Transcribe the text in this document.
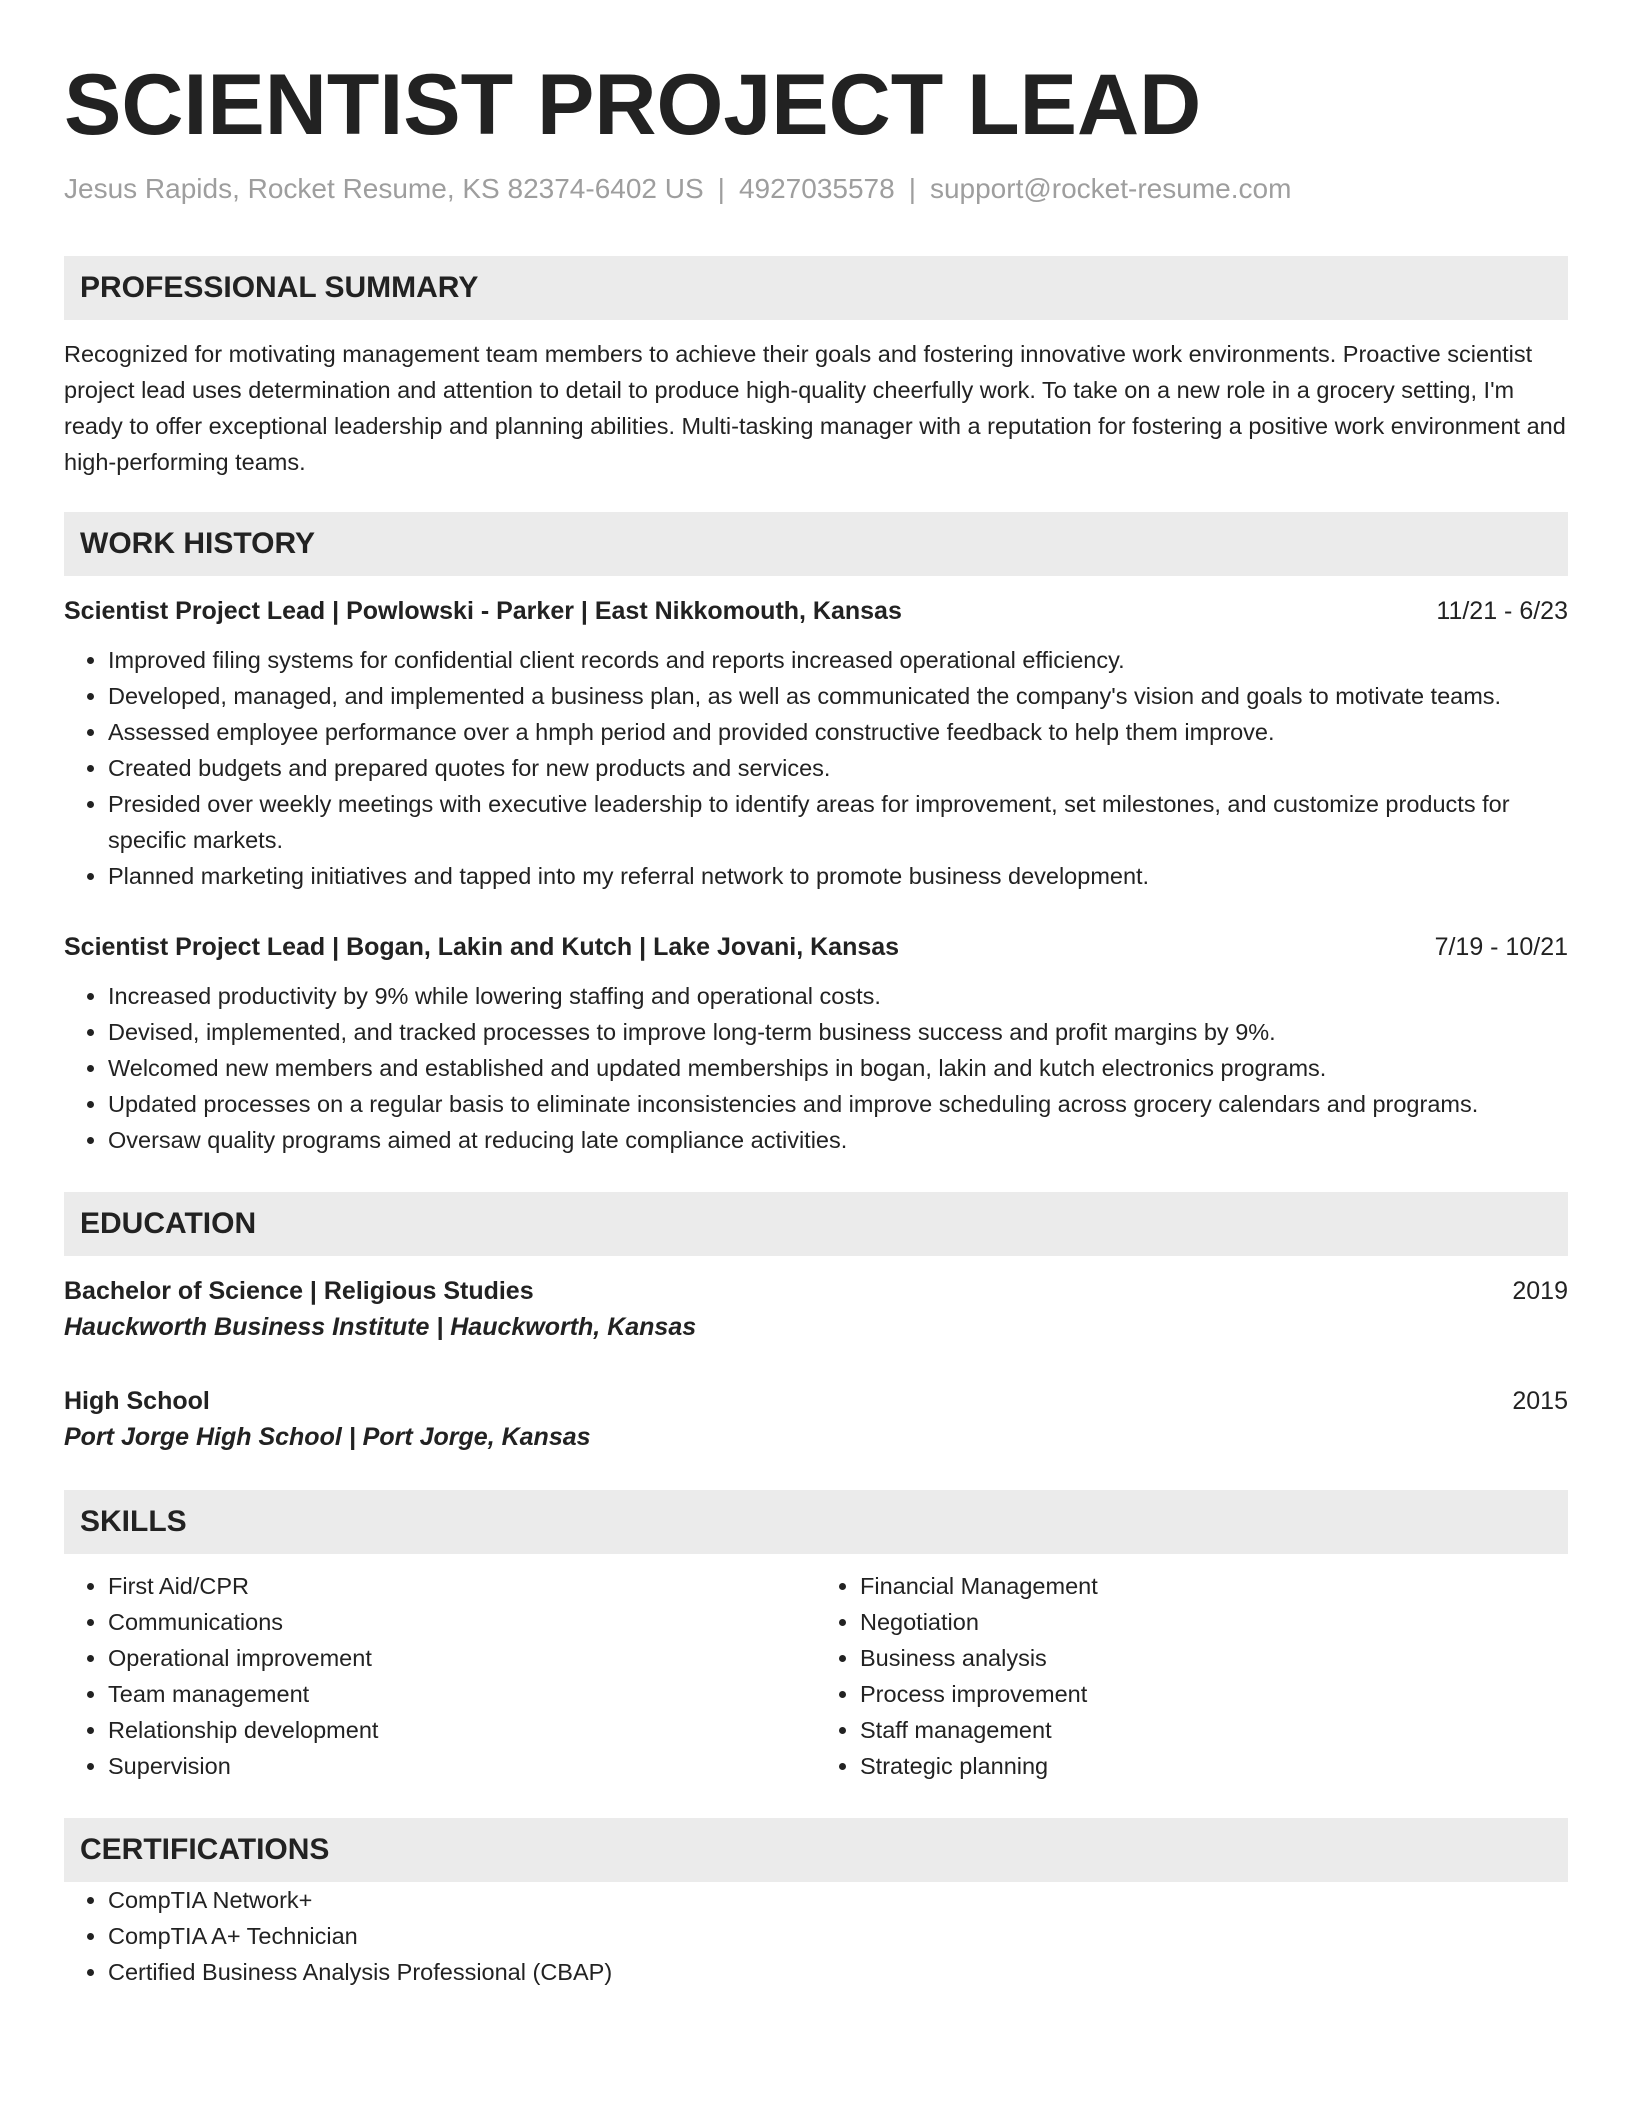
SCIENTIST PROJECT LEAD
Jesus Rapids, Rocket Resume, KS 82374-6402 US | 4927035578 | support@rocket-resume.com
PROFESSIONAL SUMMARY
Recognized for motivating management team members to achieve their goals and fostering innovative work environments. Proactive scientist project lead uses determination and attention to detail to produce high-quality cheerfully work. To take on a new role in a grocery setting, I'm ready to offer exceptional leadership and planning abilities. Multi-tasking manager with a reputation for fostering a positive work environment and high-performing teams.
WORK HISTORY
Scientist Project Lead | Powlowski - Parker | East Nikkomouth, Kansas	11/21 - 6/23
• Improved filing systems for confidential client records and reports increased operational efficiency.
• Developed, managed, and implemented a business plan, as well as communicated the company's vision and goals to motivate teams.
• Assessed employee performance over a hmph period and provided constructive feedback to help them improve.
• Created budgets and prepared quotes for new products and services.
• Presided over weekly meetings with executive leadership to identify areas for improvement, set milestones, and customize products for specific markets.
• Planned marketing initiatives and tapped into my referral network to promote business development.
Scientist Project Lead | Bogan, Lakin and Kutch | Lake Jovani, Kansas	7/19 - 10/21
• Increased productivity by 9% while lowering staffing and operational costs.
• Devised, implemented, and tracked processes to improve long-term business success and profit margins by 9%.
• Welcomed new members and established and updated memberships in bogan, lakin and kutch electronics programs.
• Updated processes on a regular basis to eliminate inconsistencies and improve scheduling across grocery calendars and programs.
• Oversaw quality programs aimed at reducing late compliance activities.
EDUCATION
Bachelor of Science | Religious Studies	2019
Hauckworth Business Institute | Hauckworth, Kansas
High School	2015
Port Jorge High School | Port Jorge, Kansas
SKILLS
• First Aid/CPR
• Communications
• Operational improvement
• Team management
• Relationship development
• Supervision
• Financial Management
• Negotiation
• Business analysis
• Process improvement
• Staff management
• Strategic planning
CERTIFICATIONS
• CompTIA Network+
• CompTIA A+ Technician
• Certified Business Analysis Professional (CBAP)
